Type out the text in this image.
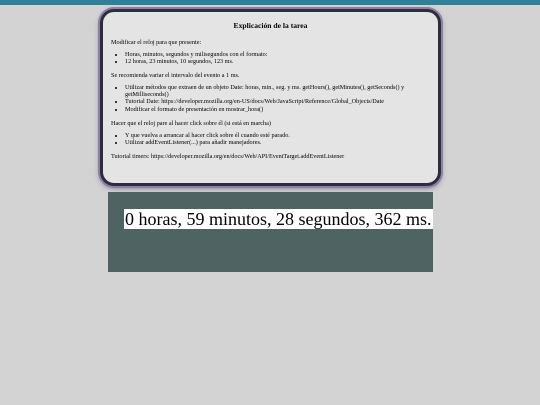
Explicación de la tarea

Modificar el reloj para que presente:

• Horas, minutos, segundos y milisegundos con el formato:
• 12 horas, 23 minutos, 10 segundos, 123 ms.

Se recomienda variar el intervalo del evento a 1 ms.

• Utilizar métodos que extraen de un objeto Date: horas, min., seg. y ms. getHours(), getMinutes(), getSeconds() y getMilliseconds()
• Tutorial Date: https://developer.mozilla.org/en-US/docs/Web/JavaScript/Reference/Global_Objects/Date
• Modificar el formato de presentación en mostrar_hora()

Hacer que el reloj pare al hacer click sobre él (si está en marcha)

• Y que vuelva a arrancar al hacer click sobre él cuando esté parado.
• Utilizar addEventListener(...) para añadir manejadores.

Tutorial timers: https://developer.mozilla.org/en/docs/Web/API/EventTarget.addEventListener

0 horas, 59 minutos, 28 segundos, 362 ms.
